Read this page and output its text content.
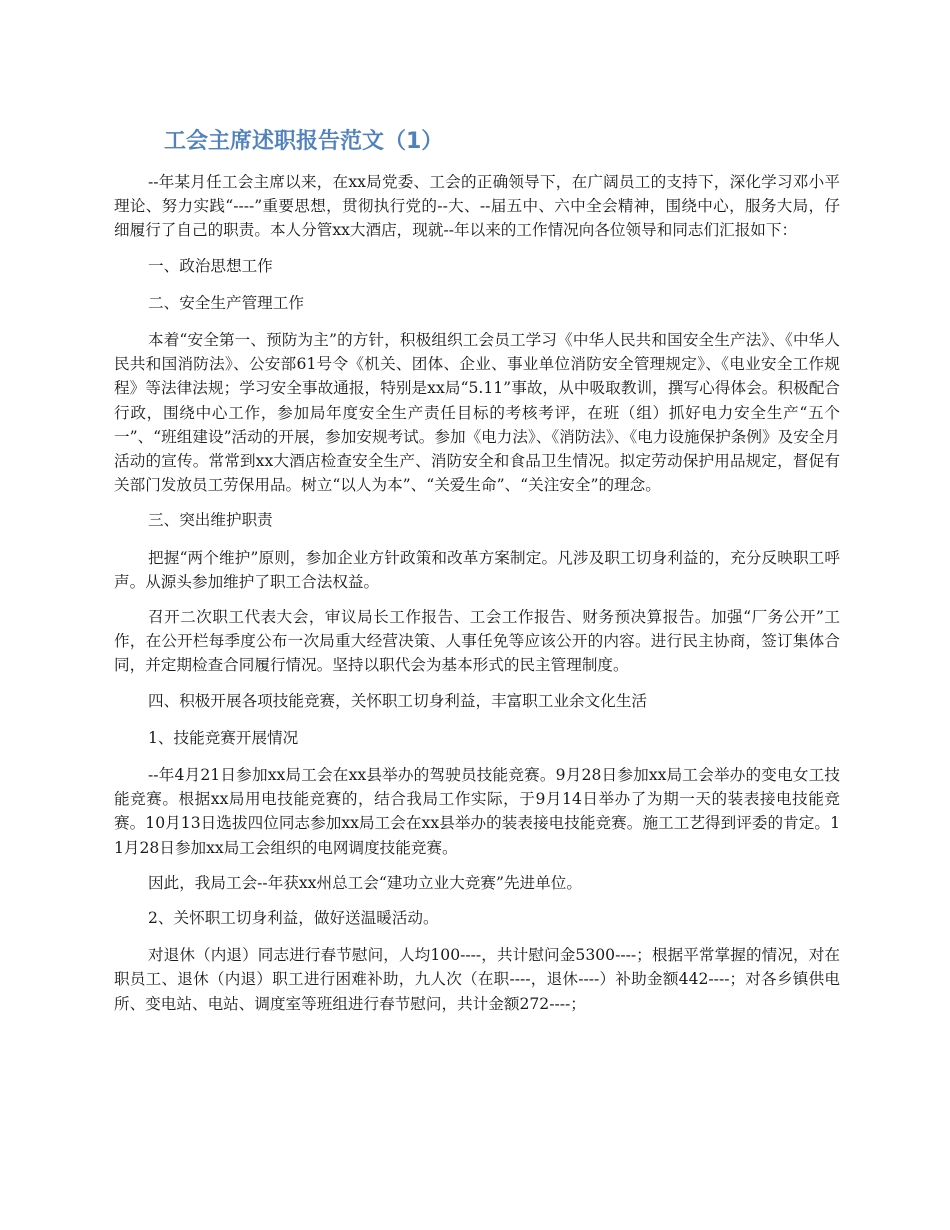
工会主席述职报告范文（1）

--年某月任工会主席以来，在xx局党委、工会的正确领导下，在广阔员工的支持下，深化学习邓小平理论、努力实践“----”重要思想，贯彻执行党的--大、--届五中、六中全会精神，围绕中心，服务大局，仔细履行了自己的职责。本人分管xx大酒店，现就--年以来的工作情况向各位领导和同志们汇报如下：

一、政治思想工作

二、安全生产管理工作

本着“安全第一、预防为主”的方针，积极组织工会员工学习《中华人民共和国安全生产法》、《中华人民共和国消防法》、公安部61号令《机关、团体、企业、事业单位消防安全管理规定》、《电业安全工作规程》等法律法规；学习安全事故通报，特别是xx局“5.11”事故，从中吸取教训，撰写心得体会。积极配合行政，围绕中心工作，参加局年度安全生产责任目标的考核考评，在班（组）抓好电力安全生产“五个一”、“班组建设”活动的开展，参加安规考试。参加《电力法》、《消防法》、《电力设施保护条例》及安全月活动的宣传。常常到xx大酒店检查安全生产、消防安全和食品卫生情况。拟定劳动保护用品规定，督促有关部门发放员工劳保用品。树立“以人为本”、“关爱生命”、“关注安全”的理念。

三、突出维护职责

把握“两个维护”原则，参加企业方针政策和改革方案制定。凡涉及职工切身利益的，充分反映职工呼声。从源头参加维护了职工合法权益。

召开二次职工代表大会，审议局长工作报告、工会工作报告、财务预决算报告。加强“厂务公开”工作，在公开栏每季度公布一次局重大经营决策、人事任免等应该公开的内容。进行民主协商，签订集体合同，并定期检查合同履行情况。坚持以职代会为基本形式的民主管理制度。

四、积极开展各项技能竞赛，关怀职工切身利益，丰富职工业余文化生活

1、技能竞赛开展情况

--年4月21日参加xx局工会在xx县举办的驾驶员技能竞赛。9月28日参加xx局工会举办的变电女工技能竞赛。根据xx局用电技能竞赛的，结合我局工作实际，于9月14日举办了为期一天的装表接电技能竞赛。10月13日选拔四位同志参加xx局工会在xx县举办的装表接电技能竞赛。施工工艺得到评委的肯定。11月28日参加xx局工会组织的电网调度技能竞赛。

因此，我局工会--年获xx州总工会“建功立业大竞赛”先进单位。

2、关怀职工切身利益，做好送温暖活动。

对退休（内退）同志进行春节慰问，人均100----，共计慰问金5300----；根据平常掌握的情况，对在职员工、退休（内退）职工进行困难补助，九人次（在职----，退休----）补助金额442----；对各乡镇供电所、变电站、电站、调度室等班组进行春节慰问，共计金额272----；
